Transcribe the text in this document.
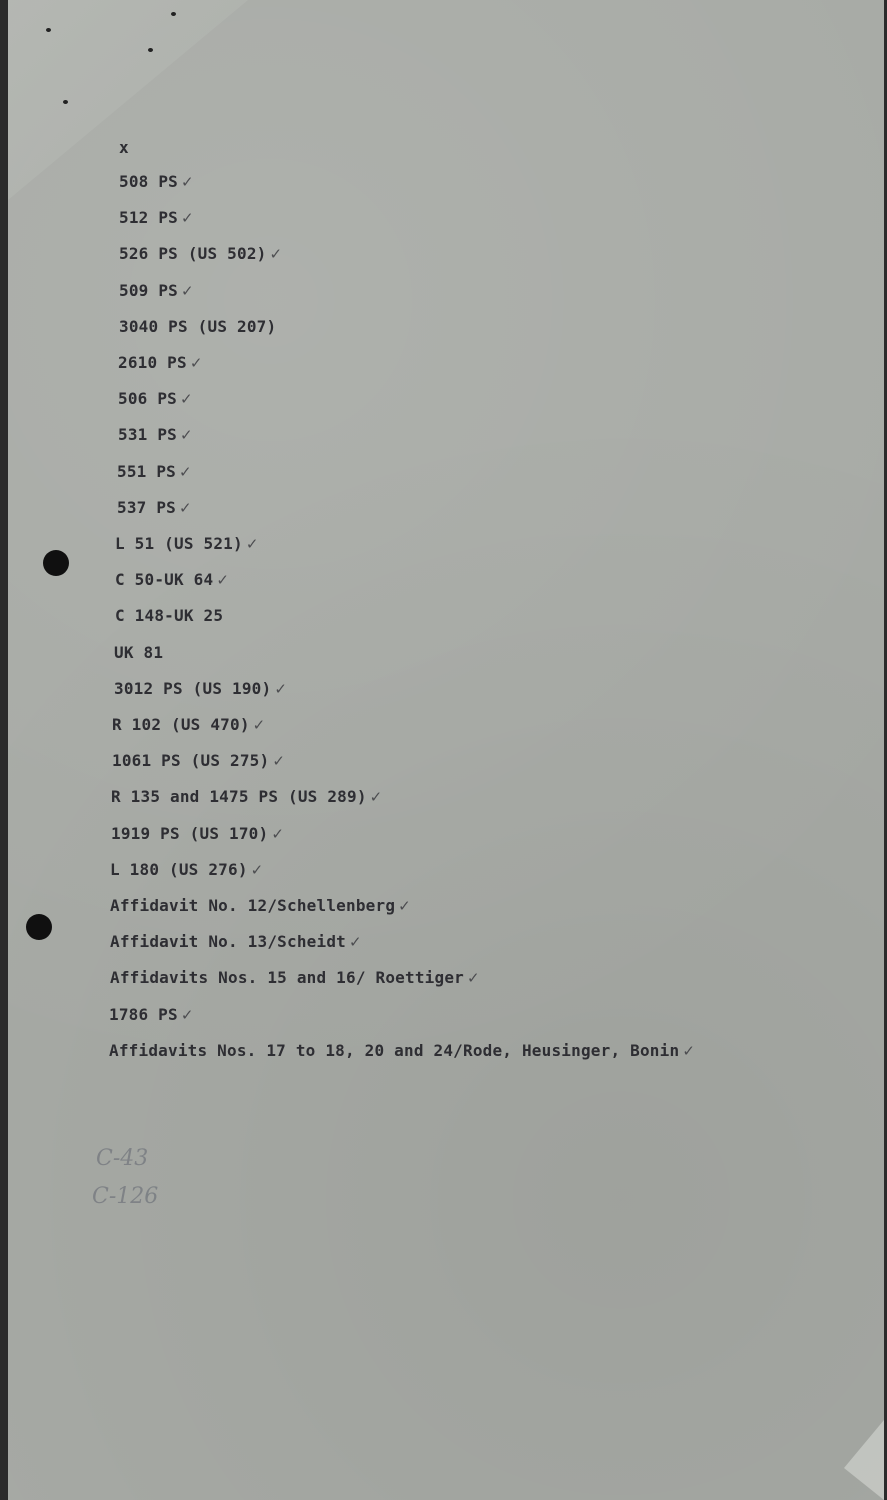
x
508 PS ✓
512 PS ✓
526 PS (US 502) ✓
509 PS ✓
3040 PS (US 207)
2610 PS ✓
506 PS ✓
531 PS ✓
551 PS ✓
537 PS ✓
L 51 (US 521) ✓
C 50-UK 64 ✓
C 148-UK 25
UK 81
3012 PS (US 190) ✓
R 102 (US 470) ✓
1061 PS (US 275) ✓
R 135 and 1475 PS (US 289) ✓
1919 PS (US 170) ✓
L 180 (US 276) ✓
Affidavit No. 12/Schellenberg ✓
Affidavit No. 13/Scheidt ✓
Affidavits Nos. 15 and 16/ Roettiger ✓
1786 PS ✓
Affidavits Nos. 17 to 18, 20 and 24/Rode, Heusinger, Bonin ✓
C-43
C-126
